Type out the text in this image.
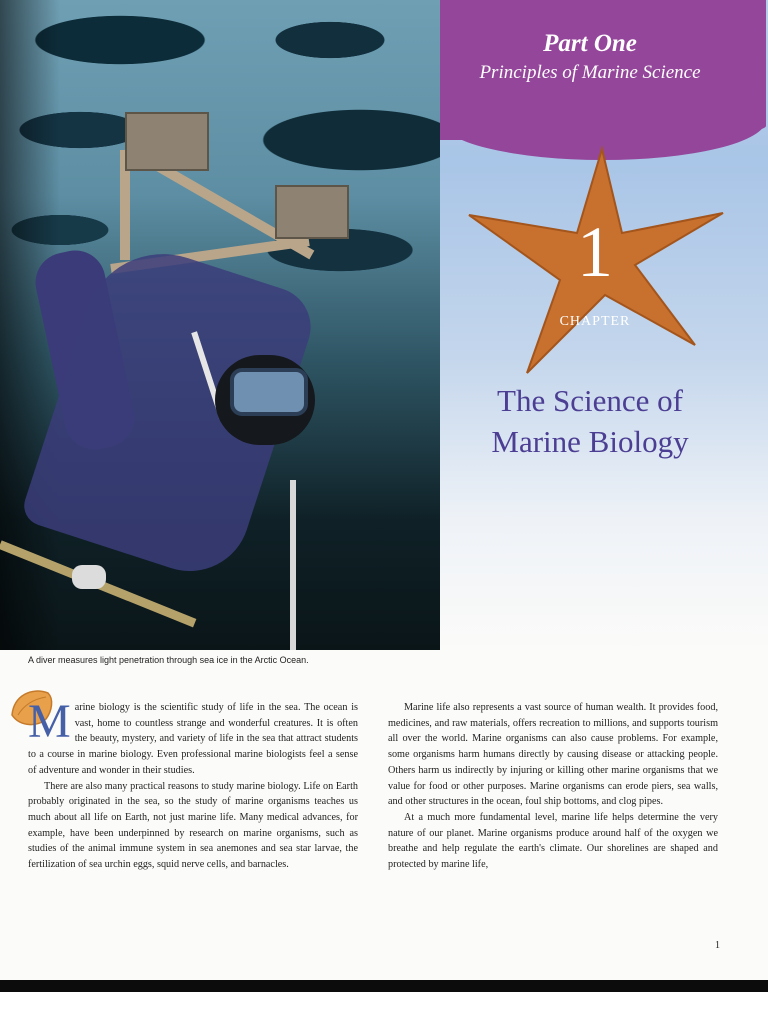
Part One
Principles of Marine Science
1
CHAPTER
The Science of
Marine Biology
A diver measures light penetration through sea ice in the Arctic Ocean.

Marine biology is the scientific study of life in the sea. The ocean is vast, home to countless strange and wonderful creatures. It is often the beauty, mystery, and variety of life in the sea that attract students to a course in marine biology. Even professional marine biologists feel a sense of adventure and wonder in their studies.

There are also many practical reasons to study marine biology. Life on Earth probably originated in the sea, so the study of marine organisms teaches us much about all life on Earth, not just marine life. Many medical advances, for example, have been underpinned by research on marine organisms, such as studies of the animal immune system in sea anemones and sea star larvae, the fertilization of sea urchin eggs, squid nerve cells, and barnacles.

Marine life also represents a vast source of human wealth. It provides food, medicines, and raw materials, offers recreation to millions, and supports tourism all over the world. Marine organisms can also cause problems. For example, some organisms harm humans directly by causing disease or attacking people. Others harm us indirectly by injuring or killing other marine organisms that we value for food or other purposes. Marine organisms can erode piers, sea walls, and other structures in the ocean, foul ship bottoms, and clog pipes.

At a much more fundamental level, marine life helps determine the very nature of our planet. Marine organisms produce around half of the oxygen we breathe and help regulate the earth's climate. Our shorelines are shaped and protected by marine life,

1
